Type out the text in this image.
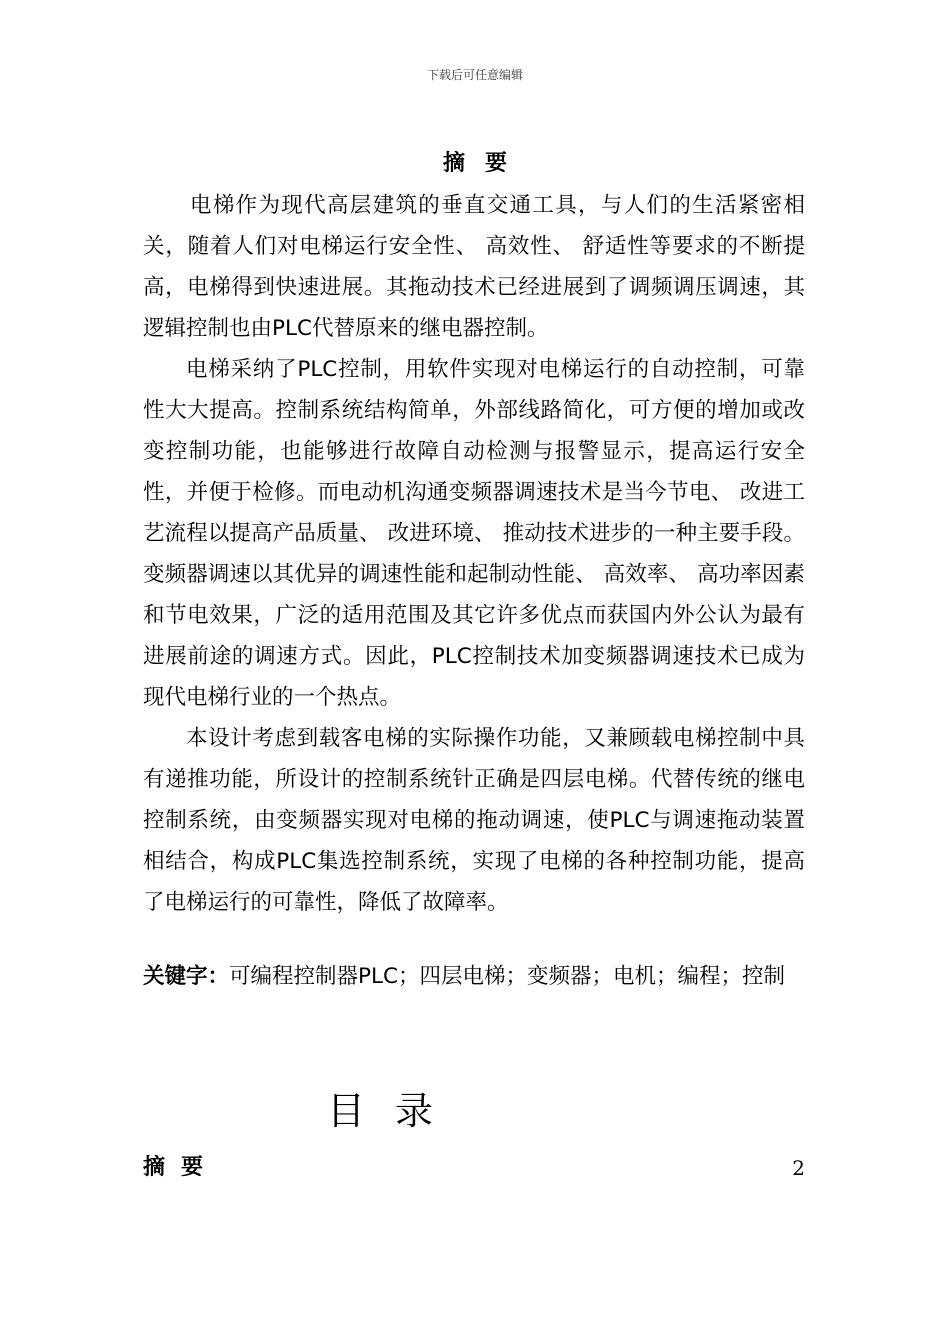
下载后可任意编辑
摘要

电梯作为现代高层建筑的垂直交通工具，与人们的生活紧密相关，随着人们对电梯运行安全性、 高效性、 舒适性等要求的不断提高，电梯得到快速进展。其拖动技术已经进展到了调频调压调速，其逻辑控制也由PLC代替原来的继电器控制。

电梯采纳了PLC控制，用软件实现对电梯运行的自动控制，可靠性大大提高。控制系统结构简单，外部线路简化，可方便的增加或改变控制功能，也能够进行故障自动检测与报警显示，提高运行安全性，并便于检修。而电动机沟通变频器调速技术是当今节电、 改进工艺流程以提高产品质量、 改进环境、 推动技术进步的一种主要手段。变频器调速以其优异的调速性能和起制动性能、 高效率、 高功率因素和节电效果，广泛的适用范围及其它许多优点而获国内外公认为最有进展前途的调速方式。因此，PLC控制技术加变频器调速技术已成为现代电梯行业的一个热点。

本设计考虑到载客电梯的实际操作功能，又兼顾载电梯控制中具有递推功能，所设计的控制系统针正确是四层电梯。代替传统的继电控制系统，由变频器实现对电梯的拖动调速，使PLC与调速拖动装置相结合，构成PLC集选控制系统，实现了电梯的各种控制功能，提高了电梯运行的可靠性，降低了故障率。

关键字：可编程控制器PLC；四层电梯；变频器；电机；编程；控制
目录
摘要	2
